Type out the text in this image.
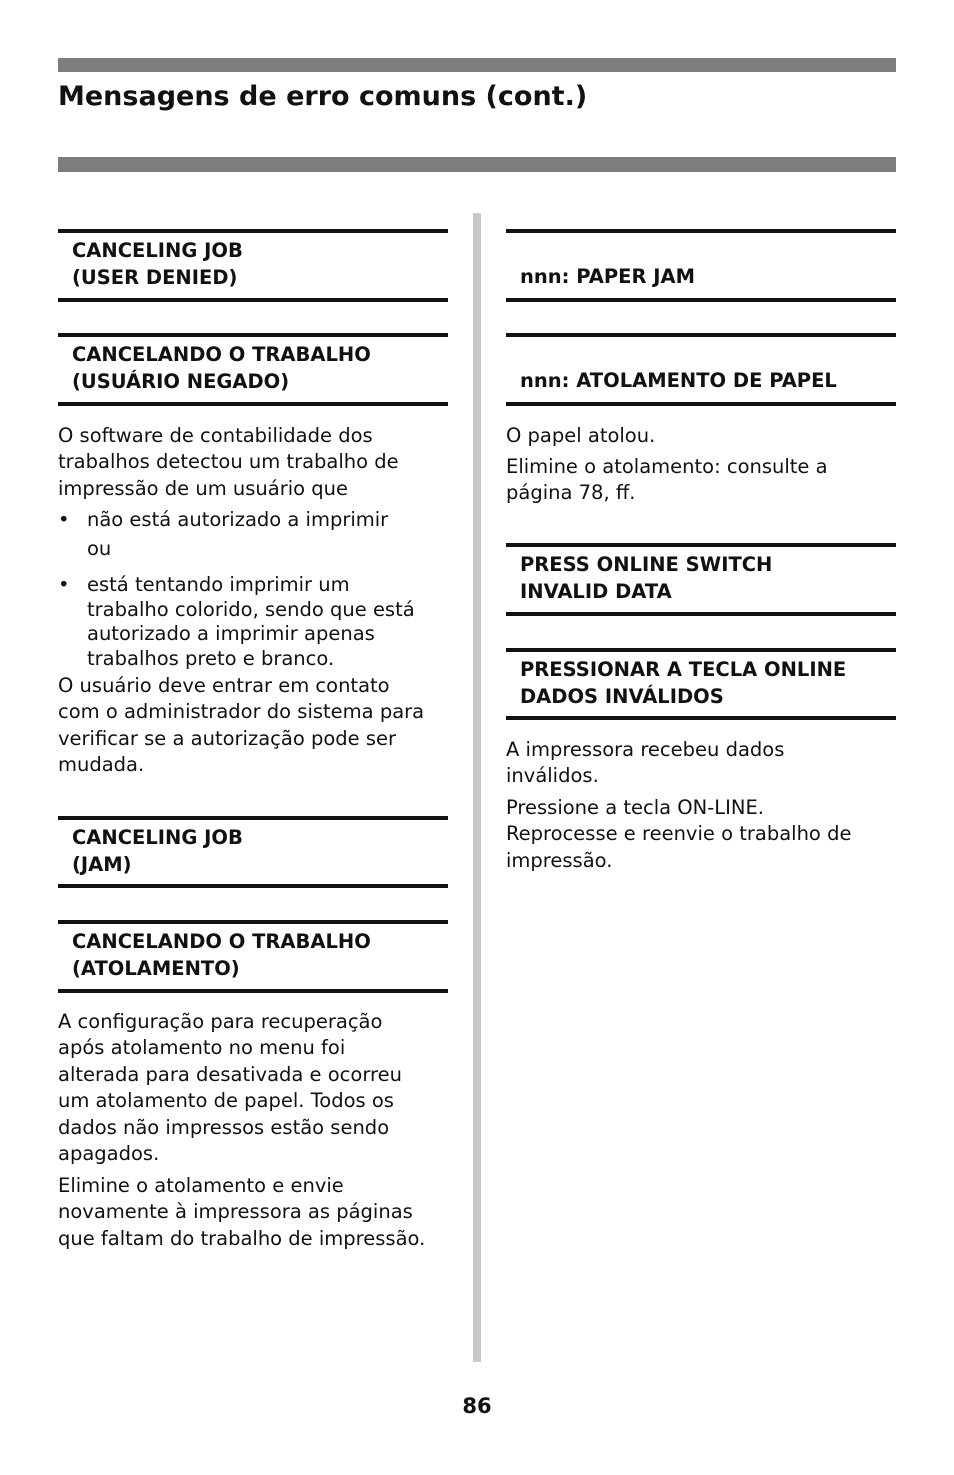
Mensagens de erro comuns (cont.)
CANCELING JOB
(USER DENIED)
CANCELANDO O TRABALHO
(USUÁRIO NEGADO)

O software de contabilidade dos
trabalhos detectou um trabalho de
impressão de um usuário que

• não está autorizado a imprimir
ou
• está tentando imprimir um
trabalho colorido, sendo que está
autorizado a imprimir apenas
trabalhos preto e branco.

O usuário deve entrar em contato
com o administrador do sistema para
verificar se a autorização pode ser
mudada.

CANCELING JOB
(JAM)
CANCELANDO O TRABALHO
(ATOLAMENTO)

A configuração para recuperação
após atolamento no menu foi
alterada para desativada e ocorreu
um atolamento de papel. Todos os
dados não impressos estão sendo
apagados.

Elimine o atolamento e envie
novamente à impressora as páginas
que faltam do trabalho de impressão.

nnn: PAPER JAM
nnn: ATOLAMENTO DE PAPEL

O papel atolou.

Elimine o atolamento: consulte a
página 78, ff.

PRESS ONLINE SWITCH
INVALID DATA
PRESSIONAR A TECLA ONLINE
DADOS INVÁLIDOS

A impressora recebeu dados
inválidos.

Pressione a tecla ON-LINE.
Reprocesse e reenvie o trabalho de
impressão.

86
